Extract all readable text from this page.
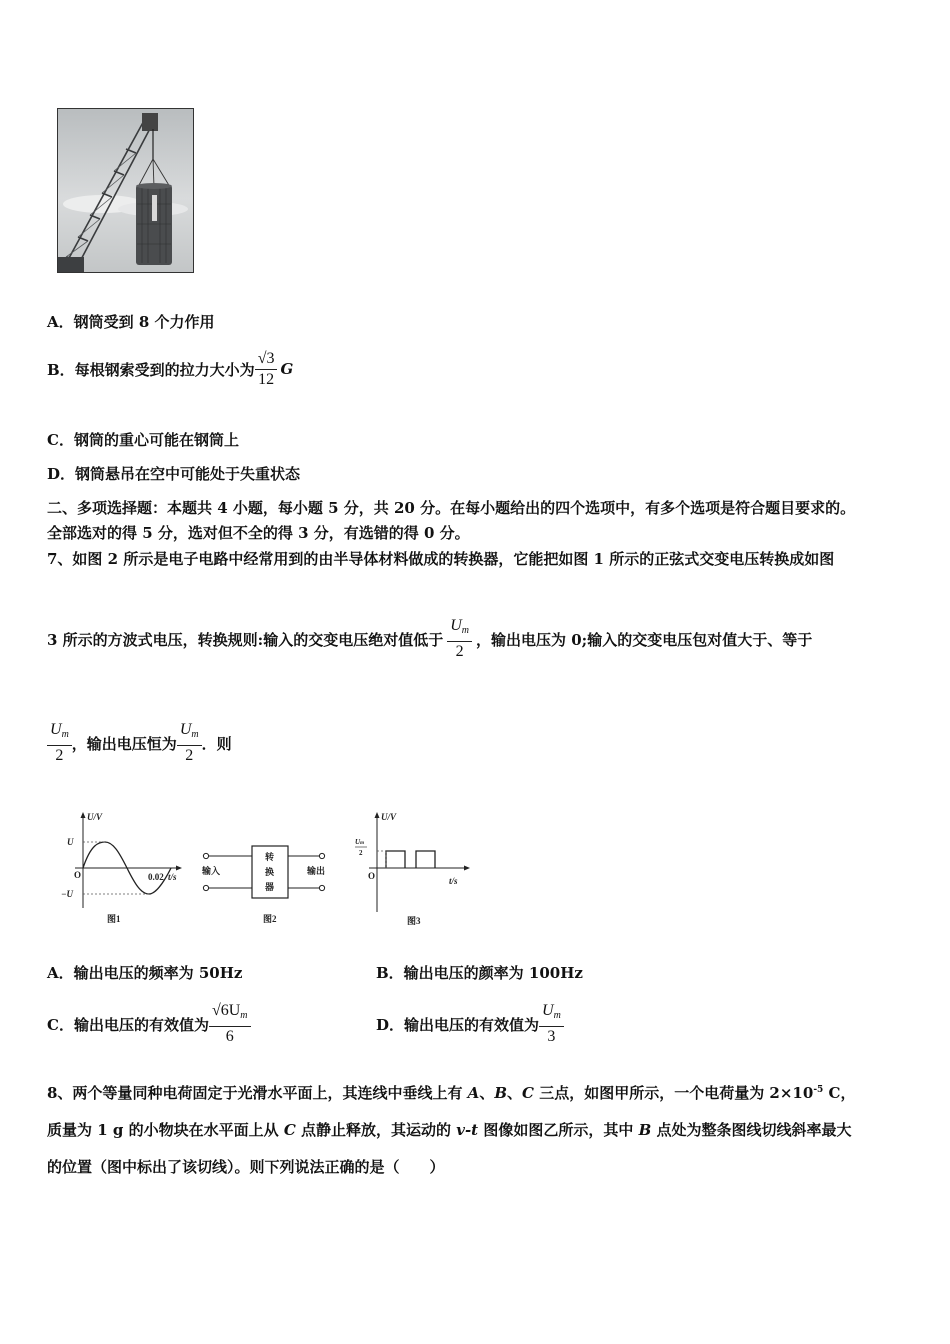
A．钢筒受到 8 个力作用
B．每根钢索受到的拉力大小为 $\frac{√3}{12}$ G
C．钢筒的重心可能在钢筒上
D．钢筒悬吊在空中可能处于失重状态
二、多项选择题：本题共 4 小题，每小题 5 分，共 20 分。在每小题给出的四个选项中，有多个选项是符合题目要求的。
全部选对的得 5 分，选对但不全的得 3 分，有选错的得 0 分。
7、如图 2 所示是电子电路中经常用到的由半导体材料做成的转换器，它能把如图 1 所示的正弦式交变电压转换成如图
3 所示的方波式电压，转换规则:输入的交变电压绝对值低于 $\frac{U_m}{2}$ ，输出电压为 0;输入的交变电压包对值大于、等于
$\frac{U_m}{2}$ ，输出电压恒为 $\frac{U_m}{2}$ ．则
U/V
U
O
−U
0.02 t/s
图1
转
换
器
输入	输出
图2
U/V
Um
2
O	t/s
图3
A．输出电压的频率为 50Hz	B．输出电压的颜率为 100Hz
C．输出电压的有效值为 $\frac{√6U_m}{6}$	D．输出电压的有效值为 $\frac{U_m}{3}$
8、两个等量同种电荷固定于光滑水平面上，其连线中垂线上有 A、B、C 三点，如图甲所示，一个电荷量为 $2\times 10^{-5}$ C，
质量为 1 g 的小物块在水平面上从 C 点静止释放，其运动的 v-t 图像如图乙所示，其中 B 点处为整条图线切线斜率最大
的位置（图中标出了该切线）。则下列说法正确的是（　　）
